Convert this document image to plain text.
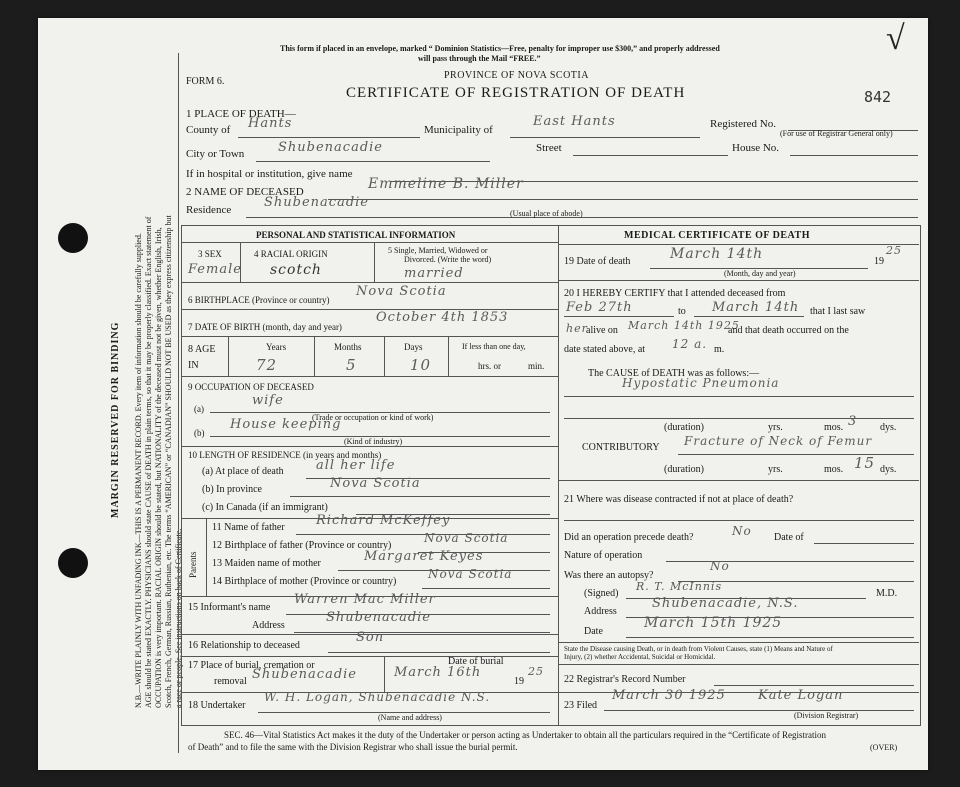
MARGIN RESERVED FOR BINDING N.B.—WRITE PLAINLY WITH UNFADING INK—THIS IS A PERMANENT RECORD. Every item of information should be carefully supplied. AGE should be stated EXACTLY. PHYSICIANS should state CAUSE of DEATH in plain terms, so that it may be properly classified. Exact statement of OCCUPATION is very important. RACIAL ORIGIN should be stated, but NATIONALITY of the deceased must not be given, whether English, Irish, Scotch, French, German, Russian, Ruthenian, etc. The terms “AMERICAN” or “CANADIAN” SHOULD NOT BE USED as they express citizenship but a race or people. See instructions on back of Certificate.
This form if placed in an envelope, marked “ Dominion Statistics—Free, penalty for improper use $300,” and properly addressed
will pass through the Mail “FREE.”
FORM 6.
PROVINCE OF NOVA SCOTIA
CERTIFICATE OF REGISTRATION OF DEATH	842
√
1 PLACE OF DEATH—
County of Hants	Municipality of
East Hants	Registered No.
(For use of Registrar General only)
City or Town	Shubenacadie	Street	House No.
If in hospital or institution, give name
2 NAME OF DECEASED	Emmeline B. Miller
Residence	Shubenacadie
(Usual place of abode)
PERSONAL AND STATISTICAL INFORMATION
3 SEX
Female
4 RACIAL ORIGIN
scotch
5 Single, Married, Widowed or
Divorced. (Write the word)
married
6 BIRTHPLACE (Province or country)
Nova Scotia
7 DATE OF BIRTH (month, day and year)
October 4th 1853
8 AGE
IN
Years
72
Months
5
Days
10
If less than one day,
hrs. or	min.
9 OCCUPATION OF DECEASED
(a)
wife
(Trade or occupation or kind of work)
(b)
House keeping
(Kind of industry)
10 LENGTH OF RESIDENCE (in years and months)
(a) At place of death all her life
(b) In province	Nova Scotia
(c) In Canada (if an immigrant)
Parents
11 Name of father Richard McKeffey
12 Birthplace of father (Province or country)
Nova Scotia
13 Maiden name of mother	Margaret Keyes
14 Birthplace of mother (Province or country)
Nova Scotia
15 Informant's name
Warren Mac Miller
Address
Shubenacadie
16 Relationship to deceased
Son
17 Place of burial, cremation or
removal Shubenacadie
Date of burial
March 16th
19
25
18 Undertaker
W. H. Logan, Shubenacadie N.S.
(Name and address)
MEDICAL CERTIFICATE OF DEATH
19 Date of death	March 14th
(Month, day and year)
19
25
20 I HEREBY CERTIFY that I attended deceased from
Feb 27th	to March 14th that I last saw
her
alive on March 14th 1925
and that death occurred on the
date stated above, at 12 a. m.
The CAUSE of DEATH was as follows:—
Hypostatic Pneumonia
(duration)	yrs.	mos. 3 dys.
CONTRIBUTORY Fracture of Neck of Femur
(duration)	yrs.	mos. 15 dys.
21 Where was disease contracted if not at place of death?
Did an operation precede death?	No Date of
Nature of operation
Was there an autopsy?
No
(Signed)
R. T. McInnis
M.D.
Address
Shubenacadie, N.S.
Date
March 15th 1925
State the Disease causing Death, or in death from Violent Causes, state (1) Means and Nature of
Injury, (2) whether Accidental, Suicidal or Homicidal.
22 Registrar's Record Number
23 Filed
March 30 1925 Kate Logan
(Division Registrar)
SEC. 46—Vital Statistics Act makes it the duty of the Undertaker or person acting as Undertaker to obtain all the particulars required in the “Certificate of Registration
of Death” and to file the same with the Division Registrar who shall issue the burial permit.	(OVER)
